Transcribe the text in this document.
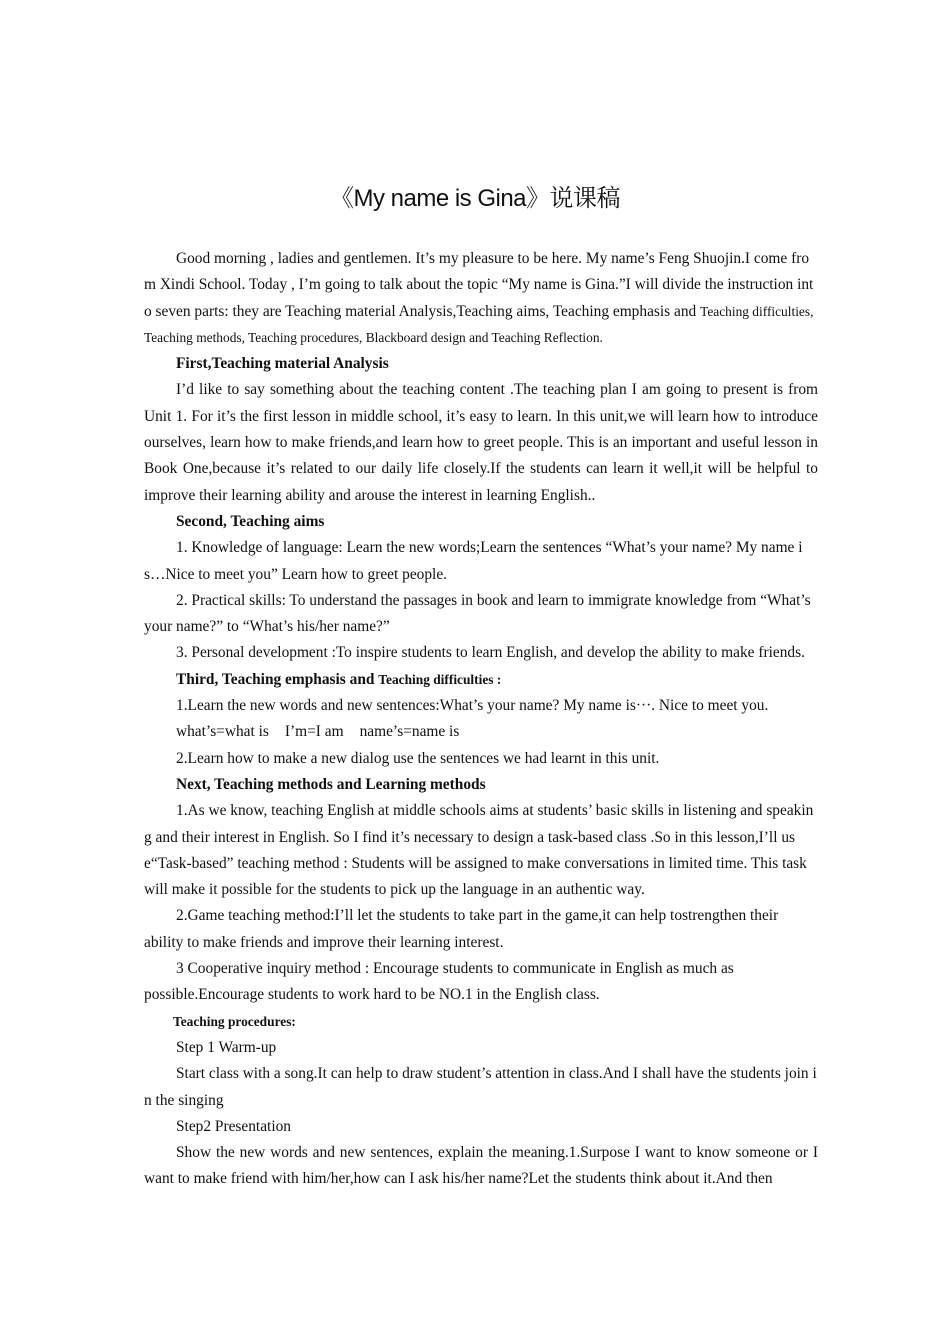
《My name is Gina》说课稿

Good morning , ladies and gentlemen. It’s my pleasure to be here. My name’s Feng Shuojin.I come from Xindi School. Today , I’m going to talk about the topic “My name is Gina.”I will divide the instruction into seven parts: they are Teaching material Analysis,Teaching aims, Teaching emphasis and Teaching difficulties, Teaching methods, Teaching procedures, Blackboard design and Teaching Reflection.

First,Teaching material Analysis

I’d like to say something about the teaching content .The teaching plan I am going to present is from Unit 1. For it’s the first lesson in middle school, it’s easy to learn. In this unit,we will learn how to introduce ourselves, learn how to make friends,and learn how to greet people. This is an important and useful lesson in Book One,because it’s related to our daily life closely.If the students can learn it well,it will be helpful to improve their learning ability and arouse the interest in learning English..

Second, Teaching aims

1. Knowledge of language: Learn the new words;Learn the sentences “What’s your name? My name is…Nice to meet you” Learn how to greet people.

2. Practical skills: To understand the passages in book and learn to immigrate knowledge from “What’s your name?” to “What’s his/her name?”

3. Personal development :To inspire students to learn English, and develop the ability to make friends.

Third, Teaching emphasis and Teaching difficulties :

1.Learn the new words and new sentences:What’s your name? My name is···. Nice to meet you.

what’s=what is I’m=I am name’s=name is

2.Learn how to make a new dialog use the sentences we had learnt in this unit.

Next, Teaching methods and Learning methods

1.As we know, teaching English at middle schools aims at students’ basic skills in listening and speaking and their interest in English. So I find it’s necessary to design a task-based class .So in this lesson,I’ll use“Task-based” teaching method : Students will be assigned to make conversations in limited time. This task will make it possible for the students to pick up the language in an authentic way.

2.Game teaching method:I’ll let the students to take part in the game,it can help tostrengthen their ability to make friends and improve their learning interest.

3 Cooperative inquiry method : Encourage students to communicate in English as much as possible.Encourage students to work hard to be NO.1 in the English class.

Teaching procedures:

Step 1 Warm-up

Start class with a song.It can help to draw student’s attention in class.And I shall have the students join in the singing

Step2 Presentation

Show the new words and new sentences, explain the meaning.1.Surpose I want to know someone or I want to make friend with him/her,how can I ask his/her name?Let the students think about it.And then
